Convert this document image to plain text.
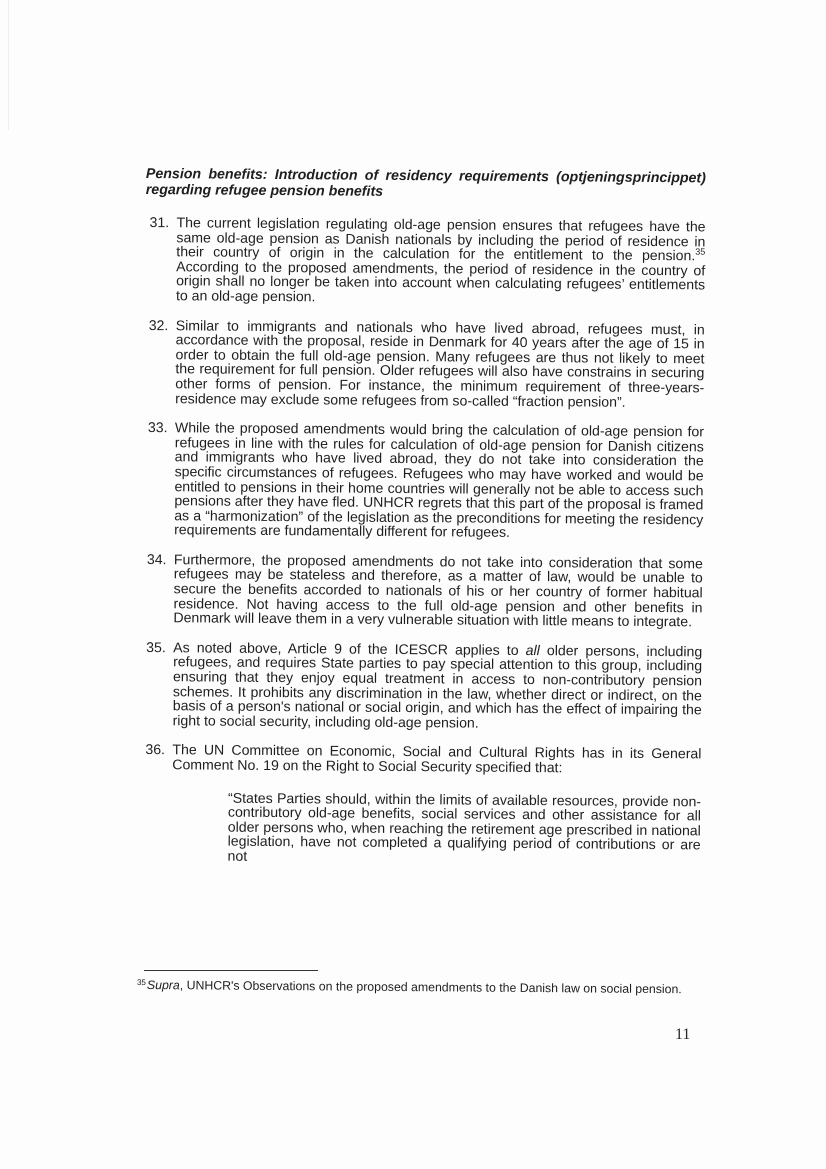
Pension benefits: Introduction of residency requirements (optjeningsprincippet) regarding refugee pension benefits

31. The current legislation regulating old-age pension ensures that refugees have the same old-age pension as Danish nationals by including the period of residence in their country of origin in the calculation for the entitlement to the pension.$^{35}$ According to the proposed amendments, the period of residence in the country of origin shall no longer be taken into account when calculating refugees’ entitlements to an old-age pension.
32. Similar to immigrants and nationals who have lived abroad, refugees must, in accordance with the proposal, reside in Denmark for 40 years after the age of 15 in order to obtain the full old-age pension. Many refugees are thus not likely to meet the requirement for full pension. Older refugees will also have constrains in securing other forms of pension. For instance, the minimum requirement of three-years-residence may exclude some refugees from so-called “fraction pension”.
33. While the proposed amendments would bring the calculation of old-age pension for refugees in line with the rules for calculation of old-age pension for Danish citizens and immigrants who have lived abroad, they do not take into consideration the specific circumstances of refugees. Refugees who may have worked and would be entitled to pensions in their home countries will generally not be able to access such pensions after they have fled. UNHCR regrets that this part of the proposal is framed as a “harmonization” of the legislation as the preconditions for meeting the residency requirements are fundamentally different for refugees.
34. Furthermore, the proposed amendments do not take into consideration that some refugees may be stateless and therefore, as a matter of law, would be unable to secure the benefits accorded to nationals of his or her country of former habitual residence. Not having access to the full old-age pension and other benefits in Denmark will leave them in a very vulnerable situation with little means to integrate.
35. As noted above, Article 9 of the ICESCR applies to all older persons, including refugees, and requires State parties to pay special attention to this group, including ensuring that they enjoy equal treatment in access to non-contributory pension schemes. It prohibits any discrimination in the law, whether direct or indirect, on the basis of a person's national or social origin, and which has the effect of impairing the right to social security, including old-age pension.
36. The UN Committee on Economic, Social and Cultural Rights has in its General Comment No. 19 on the Right to Social Security specified that:
“States Parties should, within the limits of available resources, provide non-contributory old-age benefits, social services and other assistance for all older persons who, when reaching the retirement age prescribed in national legislation, have not completed a qualifying period of contributions or are not
35 Supra, UNHCR's Observations on the proposed amendments to the Danish law on social pension.
11
